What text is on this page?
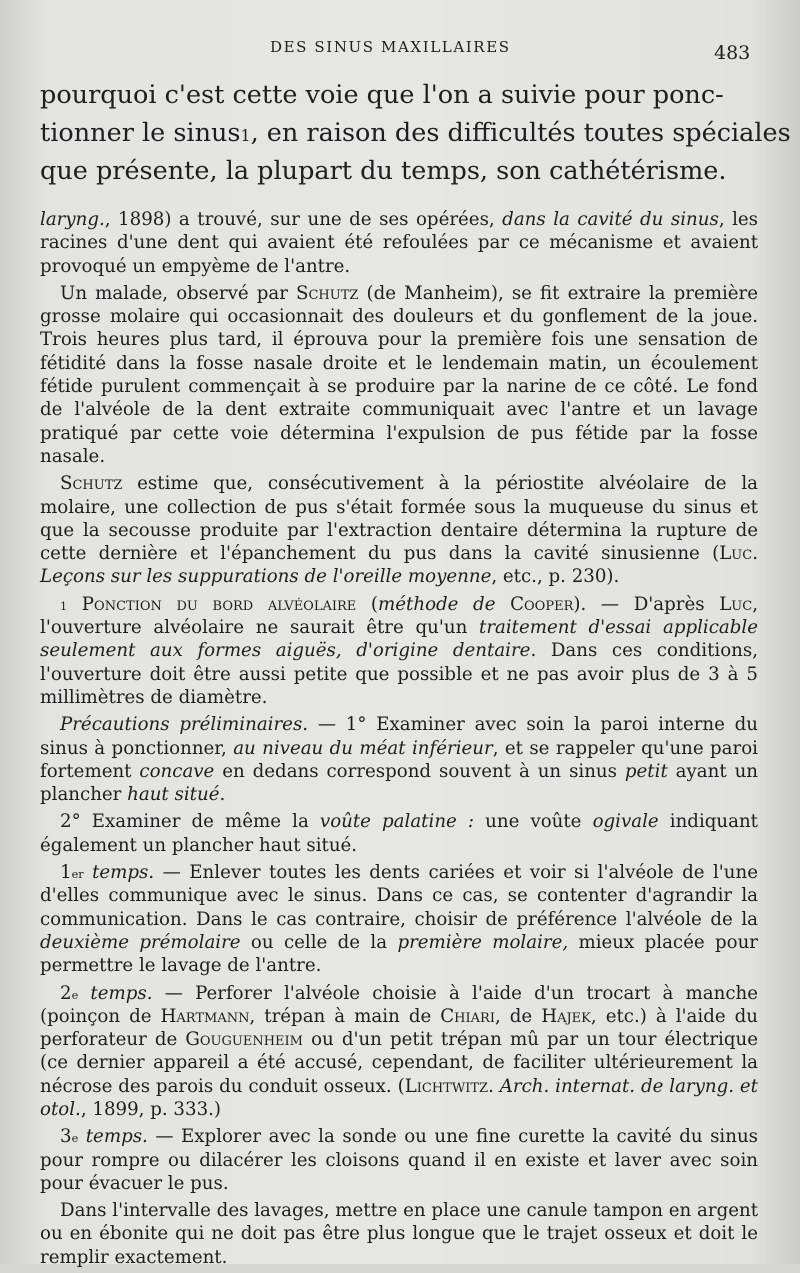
DES SINUS MAXILLAIRES	483
pourquoi c'est cette voie que l'on a suivie pour ponc-
tionner le sinus$^1$, en raison des difficultés toutes spéciales
que présente, la plupart du temps, son cathétérisme.

laryng., 1898) a trouvé, sur une de ses opérées, dans la cavité du sinus, les racines d'une dent qui avaient été refoulées par ce mécanisme et avaient provoqué un empyème de l'antre.

Un malade, observé par Schutz (de Manheim), se fit extraire la première grosse molaire qui occasionnait des douleurs et du gonflement de la joue. Trois heures plus tard, il éprouva pour la première fois une sensation de fétidité dans la fosse nasale droite et le lendemain matin, un écoulement fétide purulent commençait à se produire par la narine de ce côté. Le fond de l'alvéole de la dent extraite communiquait avec l'antre et un lavage pratiqué par cette voie détermina l'expulsion de pus fétide par la fosse nasale.

Schutz estime que, consécutivement à la périostite alvéolaire de la molaire, une collection de pus s'était formée sous la muqueuse du sinus et que la secousse produite par l'extraction dentaire détermina la rupture de cette dernière et l'épanchement du pus dans la cavité sinusienne (Luc. Leçons sur les suppurations de l'oreille moyenne, etc., p. 230).

$^1$ Ponction du bord alvéolaire (méthode de Cooper). — D'après Luc, l'ouverture alvéolaire ne saurait être qu'un traitement d'essai applicable seulement aux formes aiguës, d'origine dentaire. Dans ces conditions, l'ouverture doit être aussi petite que possible et ne pas avoir plus de 3 à 5 millimètres de diamètre.

Précautions préliminaires. — 1° Examiner avec soin la paroi interne du sinus à ponctionner, au niveau du méat inférieur, et se rappeler qu'une paroi fortement concave en dedans correspond souvent à un sinus petit ayant un plancher haut situé.

2° Examiner de même la voûte palatine : une voûte ogivale indiquant également un plancher haut situé.

1er temps. — Enlever toutes les dents cariées et voir si l'alvéole de l'une d'elles communique avec le sinus. Dans ce cas, se contenter d'agrandir la communication. Dans le cas contraire, choisir de préférence l'alvéole de la deuxième prémolaire ou celle de la première molaire, mieux placée pour permettre le lavage de l'antre.

2e temps. — Perforer l'alvéole choisie à l'aide d'un trocart à manche (poinçon de Hartmann, trépan à main de Chiari, de Hajek, etc.) à l'aide du perforateur de Gouguenheim ou d'un petit trépan mû par un tour électrique (ce dernier appareil a été accusé, cependant, de faciliter ultérieurement la nécrose des parois du conduit osseux. (Lichtwitz. Arch. internat. de laryng. et otol., 1899, p. 333.)

3e temps. — Explorer avec la sonde ou une fine curette la cavité du sinus pour rompre ou dilacérer les cloisons quand il en existe et laver avec soin pour évacuer le pus.

Dans l'intervalle des lavages, mettre en place une canule tampon en argent ou en ébonite qui ne doit pas être plus longue que le trajet osseux et doit le remplir exactement.
